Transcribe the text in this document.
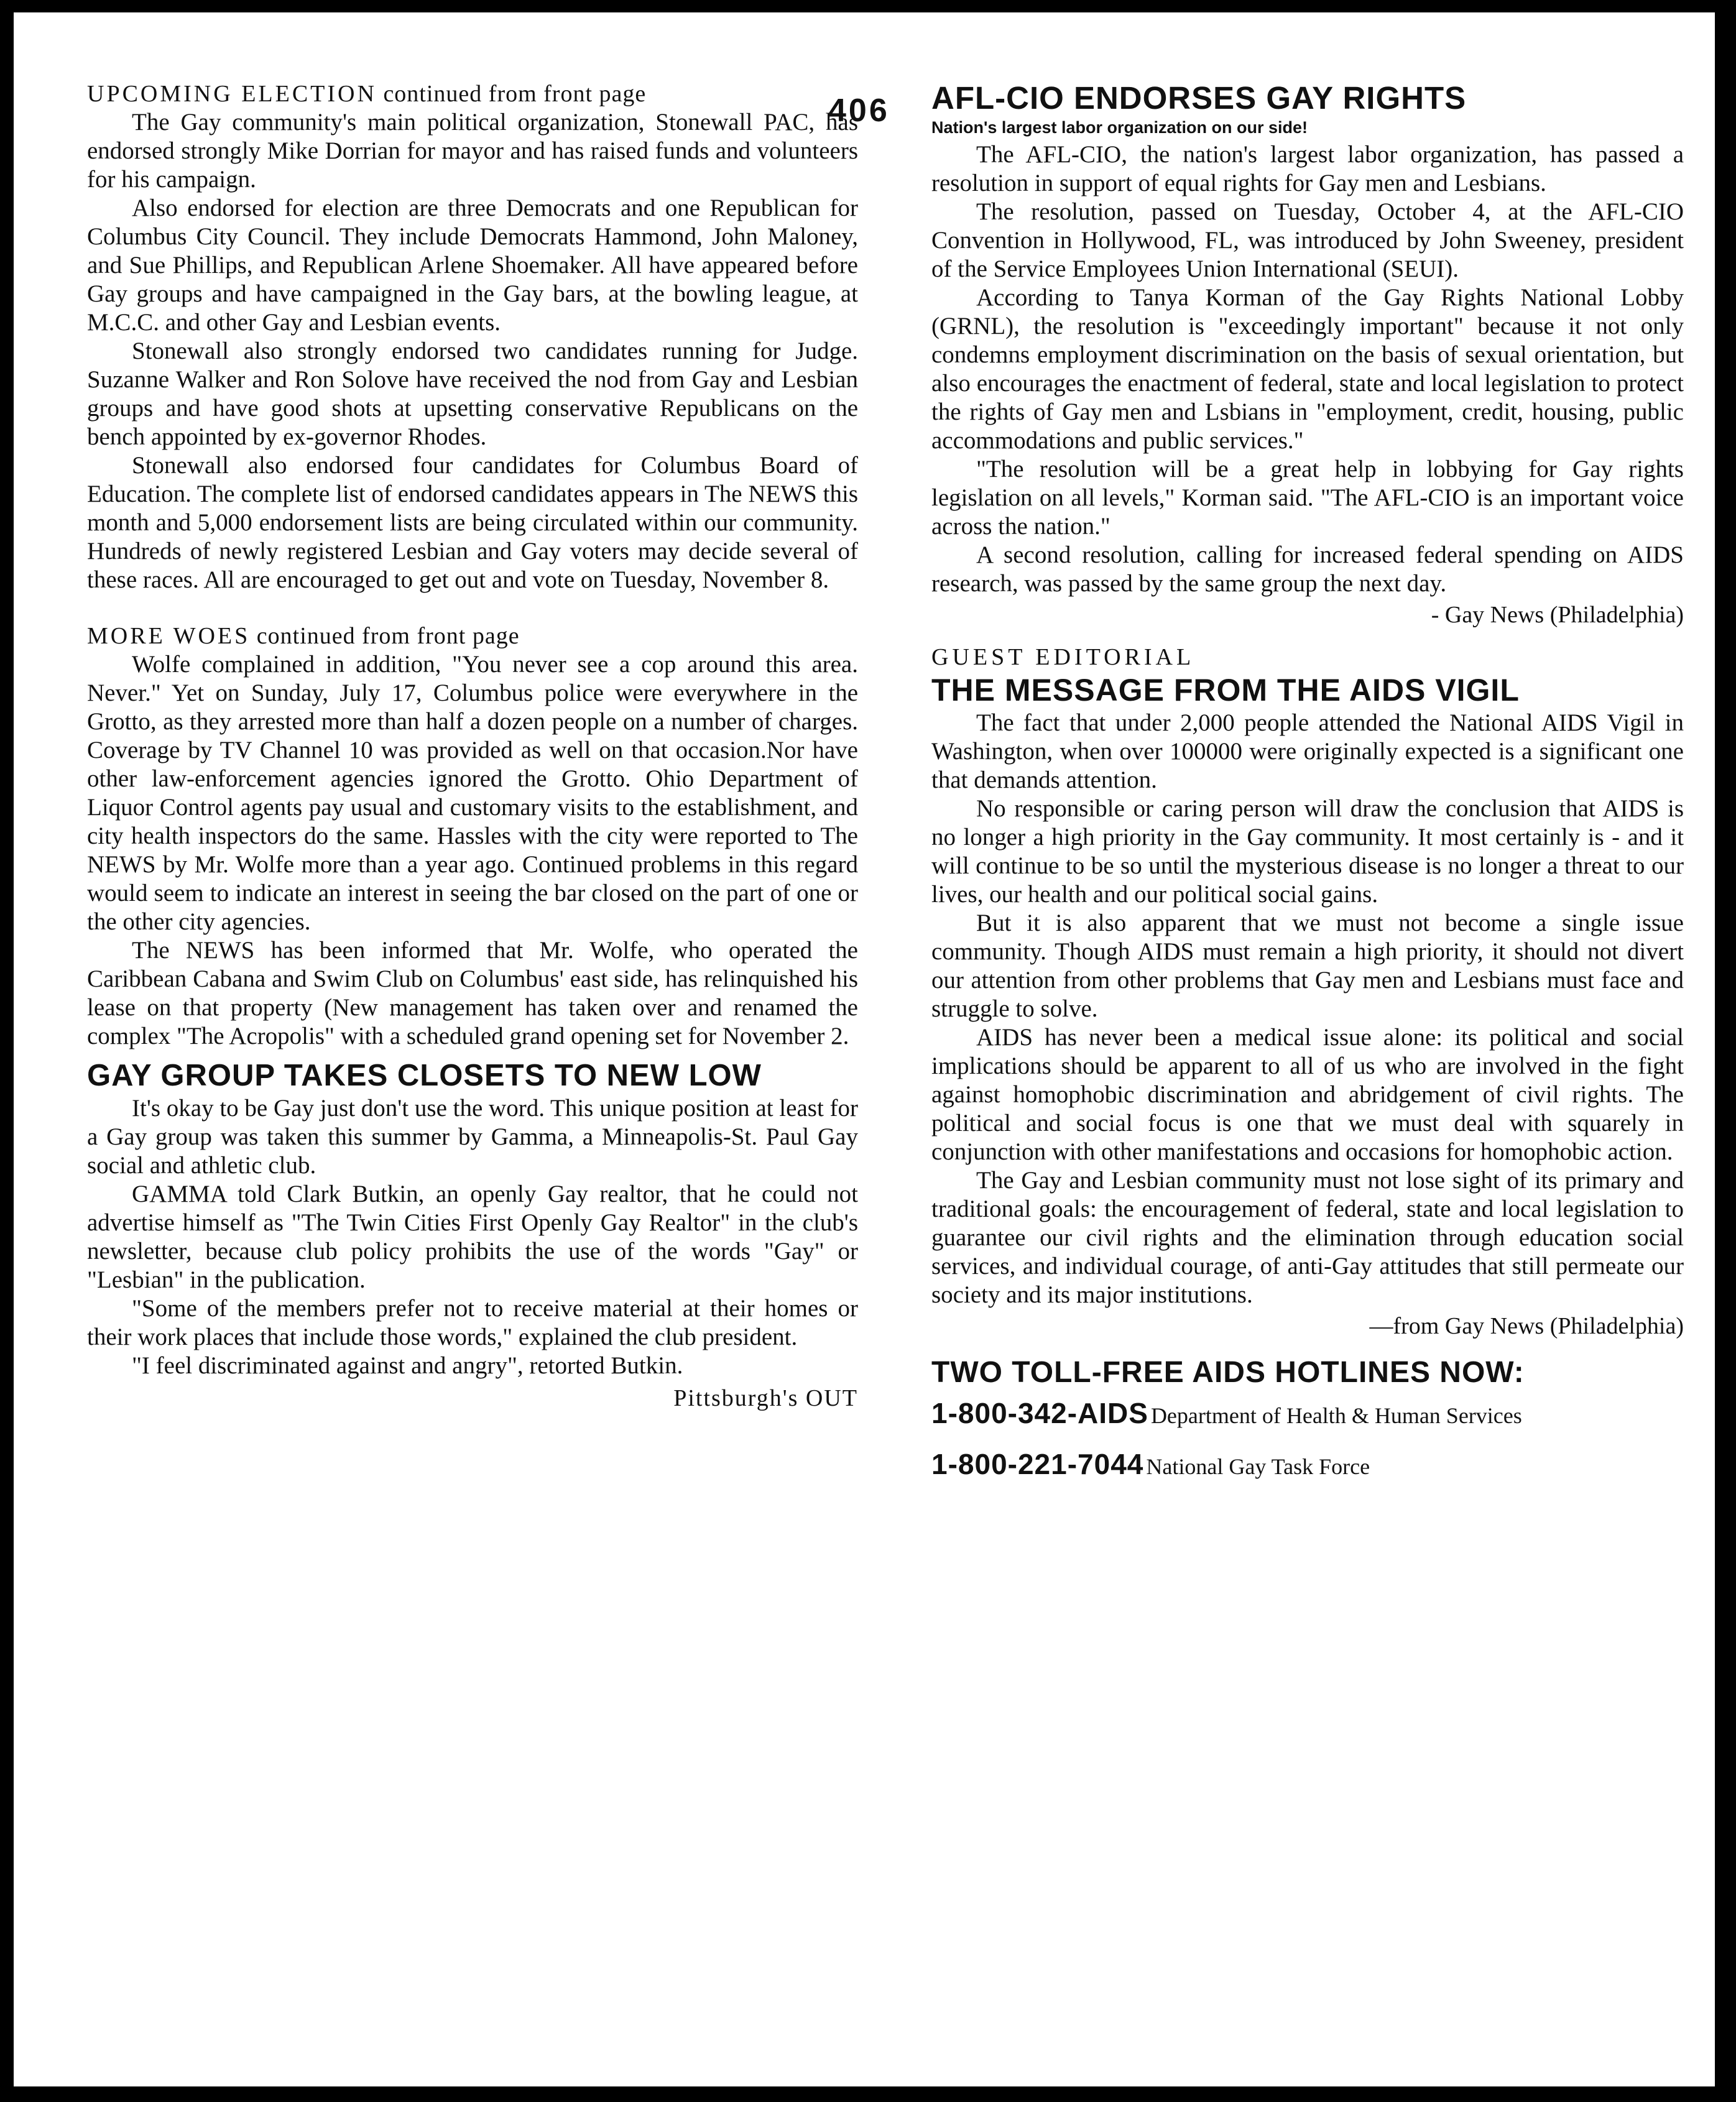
406
UPCOMING ELECTION continued from front page

The Gay community's main political organization, Stonewall PAC, has endorsed strongly Mike Dorrian for mayor and has raised funds and volunteers for his campaign.

Also endorsed for election are three Democrats and one Republican for Columbus City Council. They include Democrats Hammond, John Maloney, and Sue Phillips, and Republican Arlene Shoemaker. All have appeared before Gay groups and have campaigned in the Gay bars, at the bowling league, at M.C.C. and other Gay and Lesbian events.

Stonewall also strongly endorsed two candidates running for Judge. Suzanne Walker and Ron Solove have received the nod from Gay and Lesbian groups and have good shots at upsetting conservative Republicans on the bench appointed by ex-governor Rhodes.

Stonewall also endorsed four candidates for Columbus Board of Education. The complete list of endorsed candidates appears in The NEWS this month and 5,000 endorsement lists are being circulated within our community. Hundreds of newly registered Lesbian and Gay voters may decide several of these races. All are encouraged to get out and vote on Tuesday, November 8.

MORE WOES continued from front page

Wolfe complained in addition, "You never see a cop around this area. Never." Yet on Sunday, July 17, Columbus police were everywhere in the Grotto, as they arrested more than half a dozen people on a number of charges. Coverage by TV Channel 10 was provided as well on that occasion.Nor have other law-enforcement agencies ignored the Grotto. Ohio Department of Liquor Control agents pay usual and customary visits to the establishment, and city health inspectors do the same. Hassles with the city were reported to The NEWS by Mr. Wolfe more than a year ago. Continued problems in this regard would seem to indicate an interest in seeing the bar closed on the part of one or the other city agencies.

The NEWS has been informed that Mr. Wolfe, who operated the Caribbean Cabana and Swim Club on Columbus' east side, has relinquished his lease on that property (New management has taken over and renamed the complex "The Acropolis" with a scheduled grand opening set for November 2.

GAY GROUP TAKES CLOSETS TO NEW LOW

It's okay to be Gay just don't use the word. This unique position at least for a Gay group was taken this summer by Gamma, a Minneapolis-St. Paul Gay social and athletic club.

GAMMA told Clark Butkin, an openly Gay realtor, that he could not advertise himself as "The Twin Cities First Openly Gay Realtor" in the club's newsletter, because club policy prohibits the use of the words "Gay" or "Lesbian" in the publication.

"Some of the members prefer not to receive material at their homes or their work places that include those words," explained the club president.

"I feel discriminated against and angry", retorted Butkin.

Pittsburgh's OUT
AFL-CIO ENDORSES GAY RIGHTS
Nation's largest labor organization on our side!

The AFL-CIO, the nation's largest labor organization, has passed a resolution in support of equal rights for Gay men and Lesbians.

The resolution, passed on Tuesday, October 4, at the AFL-CIO Convention in Hollywood, FL, was introduced by John Sweeney, president of the Service Employees Union International (SEUI).

According to Tanya Korman of the Gay Rights National Lobby (GRNL), the resolution is "exceedingly important" because it not only condemns employment discrimination on the basis of sexual orientation, but also encourages the enactment of federal, state and local legislation to protect the rights of Gay men and Lsbians in "employment, credit, housing, public accommodations and public services."

"The resolution will be a great help in lobbying for Gay rights legislation on all levels," Korman said. "The AFL-CIO is an important voice across the nation."

A second resolution, calling for increased federal spending on AIDS research, was passed by the same group the next day.

- Gay News (Philadelphia)
GUEST EDITORIAL
THE MESSAGE FROM THE AIDS VIGIL

The fact that under 2,000 people attended the National AIDS Vigil in Washington, when over 100000 were originally expected is a significant one that demands attention.

No responsible or caring person will draw the conclusion that AIDS is no longer a high priority in the Gay community. It most certainly is - and it will continue to be so until the mysterious disease is no longer a threat to our lives, our health and our political social gains.

But it is also apparent that we must not become a single issue community. Though AIDS must remain a high priority, it should not divert our attention from other problems that Gay men and Lesbians must face and struggle to solve.

AIDS has never been a medical issue alone: its political and social implications should be apparent to all of us who are involved in the fight against homophobic discrimination and abridgement of civil rights. The political and social focus is one that we must deal with squarely in conjunction with other manifestations and occasions for homophobic action.

The Gay and Lesbian community must not lose sight of its primary and traditional goals: the encouragement of federal, state and local legislation to guarantee our civil rights and the elimination through education social services, and individual courage, of anti-Gay attitudes that still permeate our society and its major institutions.

—from Gay News (Philadelphia)
TWO TOLL-FREE AIDS HOTLINES NOW:
1-800-342-AIDS Department of Health & Human Services
1-800-221-7044 National Gay Task Force
